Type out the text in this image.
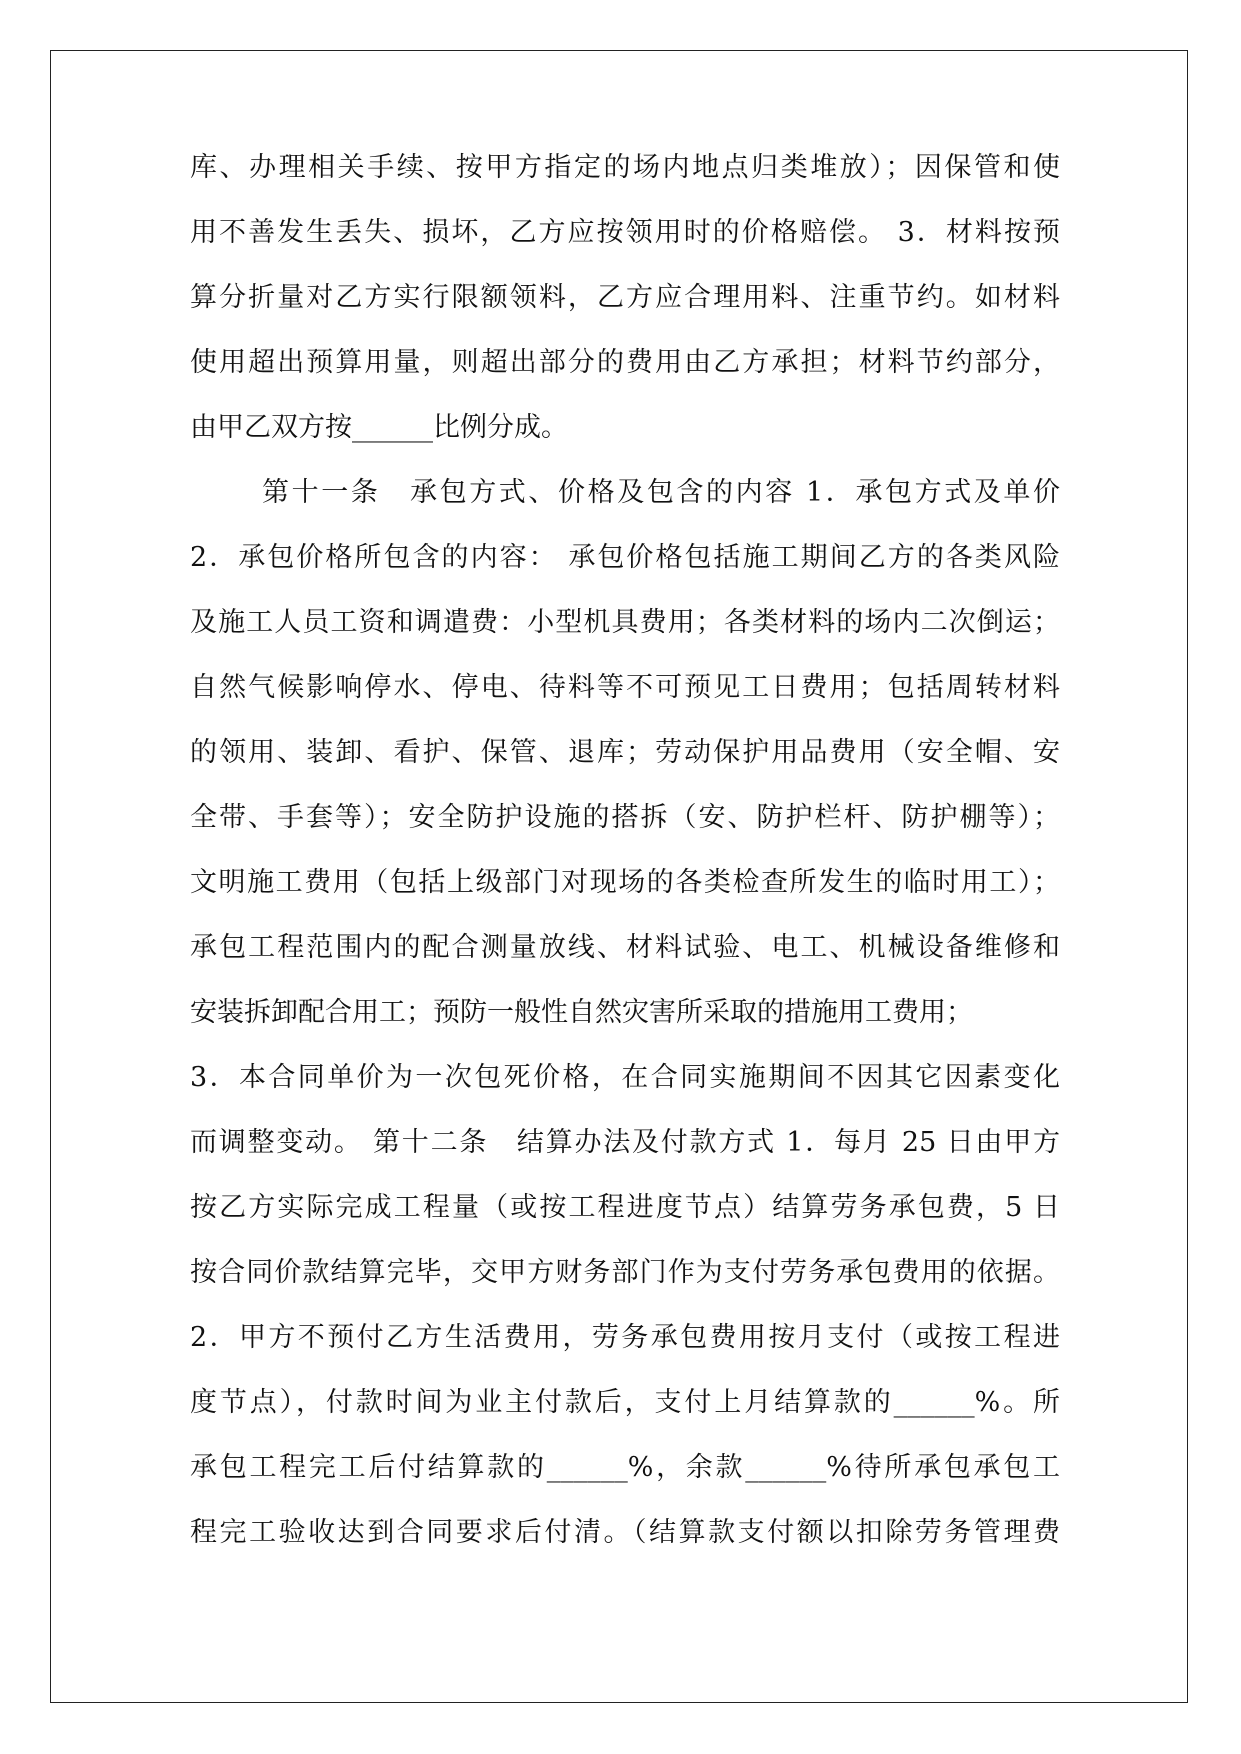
库、办理相关手续、按甲方指定的场内地点归类堆放）；因保管和使
用不善发生丢失、损坏，乙方应按领用时的价格赔偿。 3．材料按预
算分折量对乙方实行限额领料，乙方应合理用料、注重节约。如材料
使用超出预算用量，则超出部分的费用由乙方承担；材料节约部分，
由甲乙双方按______比例分成。
第十一条　承包方式、价格及包含的内容 1．承包方式及单价
2．承包价格所包含的内容： 承包价格包括施工期间乙方的各类风险
及施工人员工资和调遣费：小型机具费用；各类材料的场内二次倒运；
自然气候影响停水、停电、待料等不可预见工日费用；包括周转材料
的领用、装卸、看护、保管、退库；劳动保护用品费用（安全帽、安
全带、手套等）；安全防护设施的搭拆（安、防护栏杆、防护棚等）；
文明施工费用（包括上级部门对现场的各类检查所发生的临时用工）；
承包工程范围内的配合测量放线、材料试验、电工、机械设备维修和
安装拆卸配合用工；预防一般性自然灾害所采取的措施用工费用；
3．本合同单价为一次包死价格，在合同实施期间不因其它因素变化
而调整变动。 第十二条　结算办法及付款方式 1．每月 25 日由甲方
按乙方实际完成工程量（或按工程进度节点）结算劳务承包费，5 日
按合同价款结算完毕，交甲方财务部门作为支付劳务承包费用的依据。
2．甲方不预付乙方生活费用，劳务承包费用按月支付（或按工程进
度节点），付款时间为业主付款后，支付上月结算款的______%。所
承包工程完工后付结算款的______%，余款______%待所承包承包工
程完工验收达到合同要求后付清。（结算款支付额以扣除劳务管理费
